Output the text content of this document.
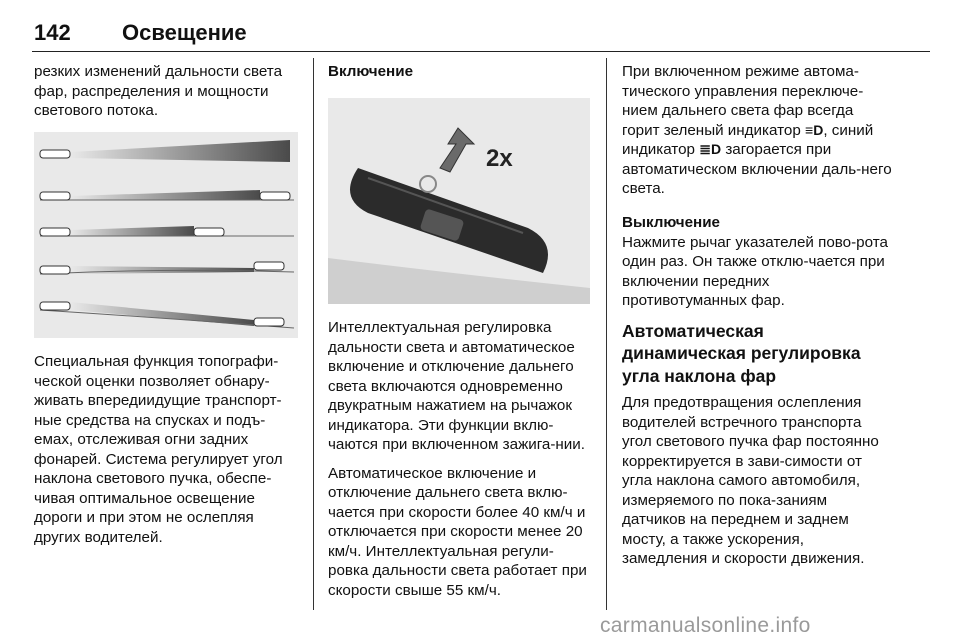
142 Освещение

резких изменений дальности света фар, распределения и мощности светового потока.

Специальная функция топографи-ческой оценки позволяет обнару-живать впередиидущие транспорт-ные средства на спусках и подъ-емах, отслеживая огни задних фонарей. Система регулирует угол наклона светового пучка, обеспе-чивая оптимальное освещение дороги и при этом не ослепляя других водителей.

Включение
2x

Интеллектуальная регулировка дальности света и автоматическое включение и отключение дальнего света включаются одновременно двукратным нажатием на рычажок индикатора. Эти функции вклю-чаются при включенном зажига-нии.

Автоматическое включение и отключение дальнего света вклю-чается при скорости более 40 км/ч и отключается при скорости менее 20 км/ч. Интеллектуальная регули-ровка дальности света работает при скорости свыше 55 км/ч.

При включенном режиме автома-тического управления переключе-нием дальнего света фар всегда горит зеленый индикатор ≡D, синий индикатор ≣D загорается при автоматическом включении даль-него света.

Выключение

Нажмите рычаг указателей пово-рота один раз. Он также отклю-чается при включении передних противотуманных фар.

Автоматическая динамическая регулировка угла наклона фар

Для предотвращения ослепления водителей встречного транспорта угол светового пучка фар постоянно корректируется в зави-симости от угла наклона самого автомобиля, измеряемого по пока-заниям датчиков на переднем и заднем мосту, а также ускорения, замедления и скорости движения.

carmanualsonline.info
